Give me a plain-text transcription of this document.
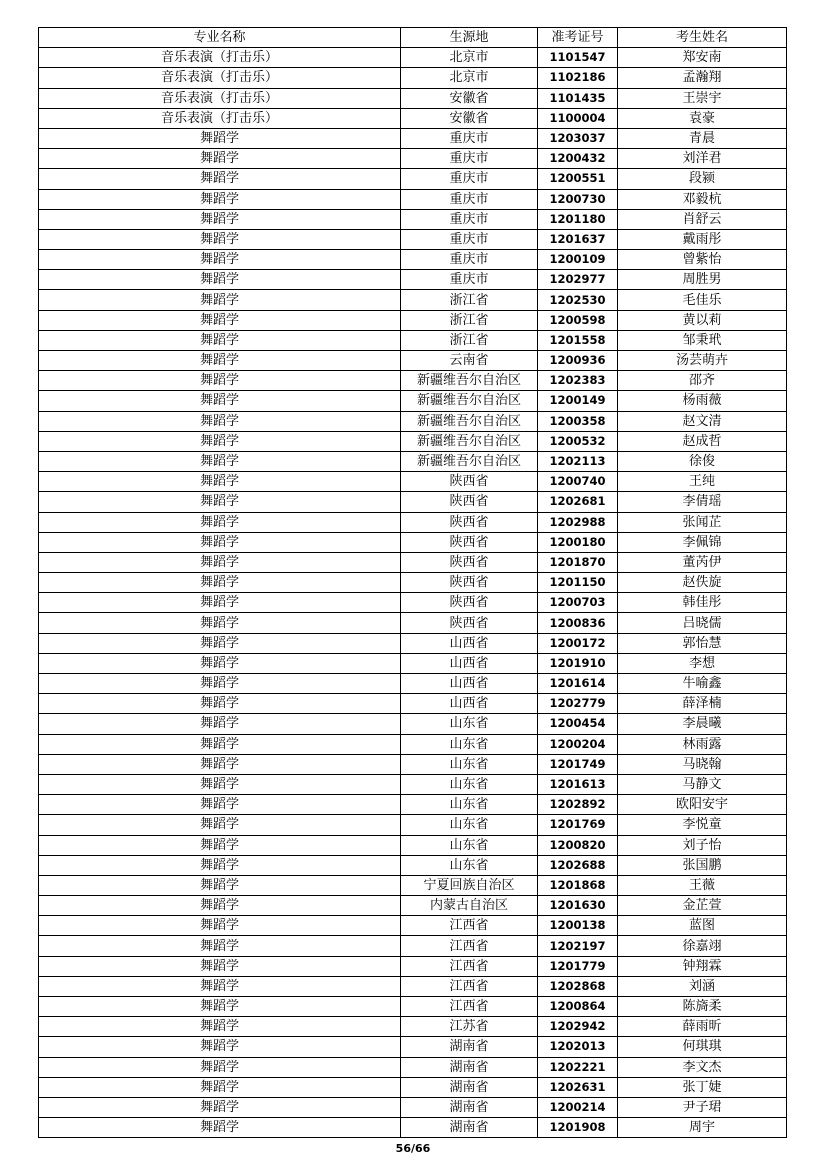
专业名称	生源地	准考证号	考生姓名
音乐表演（打击乐）	北京市	1101547	郑安南
音乐表演（打击乐）	北京市	1102186	孟瀚翔
音乐表演（打击乐）	安徽省	1101435	王崇宇
音乐表演（打击乐）	安徽省	1100004	袁豪
舞蹈学	重庆市	1203037	青晨
舞蹈学	重庆市	1200432	刘洋君
舞蹈学	重庆市	1200551	段颍
舞蹈学	重庆市	1200730	邓毅杭
舞蹈学	重庆市	1201180	肖舒云
舞蹈学	重庆市	1201637	戴雨彤
舞蹈学	重庆市	1200109	曾紫怡
舞蹈学	重庆市	1202977	周胜男
舞蹈学	浙江省	1202530	毛佳乐
舞蹈学	浙江省	1200598	黄以莉
舞蹈学	浙江省	1201558	邹秉玳
舞蹈学	云南省	1200936	汤芸萌卉
舞蹈学	新疆维吾尔自治区	1202383	邵齐
舞蹈学	新疆维吾尔自治区	1200149	杨雨薇
舞蹈学	新疆维吾尔自治区	1200358	赵文清
舞蹈学	新疆维吾尔自治区	1200532	赵成哲
舞蹈学	新疆维吾尔自治区	1202113	徐俊
舞蹈学	陕西省	1200740	王纯
舞蹈学	陕西省	1202681	李倩瑶
舞蹈学	陕西省	1202988	张闻芷
舞蹈学	陕西省	1200180	李佩锦
舞蹈学	陕西省	1201870	董芮伊
舞蹈学	陕西省	1201150	赵佚旋
舞蹈学	陕西省	1200703	韩佳彤
舞蹈学	陕西省	1200836	吕晓儒
舞蹈学	山西省	1200172	郭怡慧
舞蹈学	山西省	1201910	李想
舞蹈学	山西省	1201614	牛喻鑫
舞蹈学	山西省	1202779	薛泽楠
舞蹈学	山东省	1200454	李晨曦
舞蹈学	山东省	1200204	林雨露
舞蹈学	山东省	1201749	马晓翰
舞蹈学	山东省	1201613	马静文
舞蹈学	山东省	1202892	欧阳安宇
舞蹈学	山东省	1201769	李悦童
舞蹈学	山东省	1200820	刘子怡
舞蹈学	山东省	1202688	张国鹏
舞蹈学	宁夏回族自治区	1201868	王薇
舞蹈学	内蒙古自治区	1201630	金芷萱
舞蹈学	江西省	1200138	蓝图
舞蹈学	江西省	1202197	徐嘉翊
舞蹈学	江西省	1201779	钟翔霖
舞蹈学	江西省	1202868	刘涵
舞蹈学	江西省	1200864	陈旖柔
舞蹈学	江苏省	1202942	薛雨昕
舞蹈学	湖南省	1202013	何琪琪
舞蹈学	湖南省	1202221	李文杰
舞蹈学	湖南省	1202631	张丁婕
舞蹈学	湖南省	1200214	尹子珺
舞蹈学	湖南省	1201908	周宇
56/66
